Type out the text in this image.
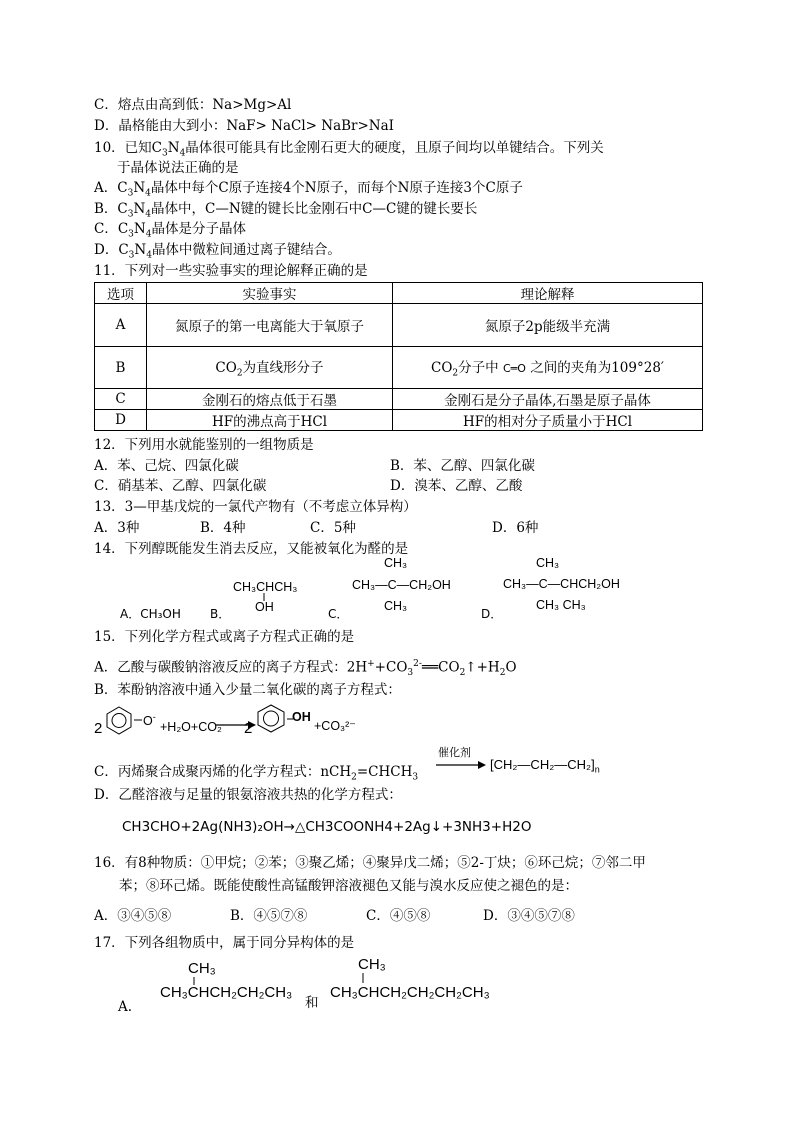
C．熔点由高到低：Na>Mg>Al
D．晶格能由大到小：NaF> NaCl> NaBr>NaI
10．已知$C_3N_4$晶体很可能具有比金刚石更大的硬度，且原子间均以单键结合。下列关
于晶体说法正确的是
A．$C_3N_4$晶体中每个C原子连接4个N原子，而每个N原子连接3个C原子
B．$C_3N_4$晶体中，C—N键的键长比金刚石中C—C键的键长要长
C．$C_3N_4$晶体是分子晶体
D．$C_3N_4$晶体中微粒间通过离子键结合。
11．下列对一些实验事实的理论解释正确的是
选项	实验事实	理论解释
A	氮原子的第一电离能大于氧原子	氮原子2p能级半充满
B	$CO_2$为直线形分子	$CO_2$分子中 C═O 之间的夹角为109°28′
C	金刚石的熔点低于石墨	金刚石是分子晶体,石墨是原子晶体
D	HF的沸点高于HCl	HF的相对分子质量小于HCl
12．下列用水就能鉴别的一组物质是
A．苯、己烷、四氯化碳	B．苯、乙醇、四氯化碳
C．硝基苯、乙醇、四氯化碳	D．溴苯、乙醇、乙酸
13．3—甲基戊烷的一氯代产物有（不考虑立体异构）
A．3种	B．4种	C．5种	D．6种
14．下列醇既能发生消去反应，又能被氧化为醛的是
A．CH₃OH B．
CH₃CHCH₃
OH	C．
CH₃
CH₃—C—CH₂OH
CH₃
D．
CH₃
CH₃—C—CHCH₂OH
CH₃ CH₃
15．下列化学方程式或离子方程式正确的是
A．乙酸与碳酸钠溶液反应的离子方程式：$2H^++CO_3^{2-}══CO_2↑+H_2O$
B．苯酚钠溶液中通入少量二氧化碳的离子方程式：
2	O-
+H₂O+CO₂ 2
OH
+CO₃²⁻
C．丙烯聚合成聚丙烯的化学方程式：$nCH_2=CHCH_3$
催化剂
$[CH_2—CH_2—CH_2]_n$
D．乙醛溶液与足量的银氨溶液共热的化学方程式：
CH3CHO+2Ag(NH3)₂OH→△CH3COONH4+2Ag↓+3NH3+H2O
16．有8种物质：①甲烷；②苯；③聚乙烯；④聚异戊二烯；⑤2-丁炔；⑥环己烷；⑦邻二甲
苯；⑧环己烯。既能使酸性高锰酸钾溶液褪色又能与溴水反应使之褪色的是：
A．③④⑤⑧	B．④⑤⑦⑧	C．④⑤⑧	D．③④⑤⑦⑧
17．下列各组物质中，属于同分异构体的是
CH₃
CH₃CHCH₂CH₂CH₃
和
CH₃
CH₃CHCH₂CH₂CH₂CH₃
A.
